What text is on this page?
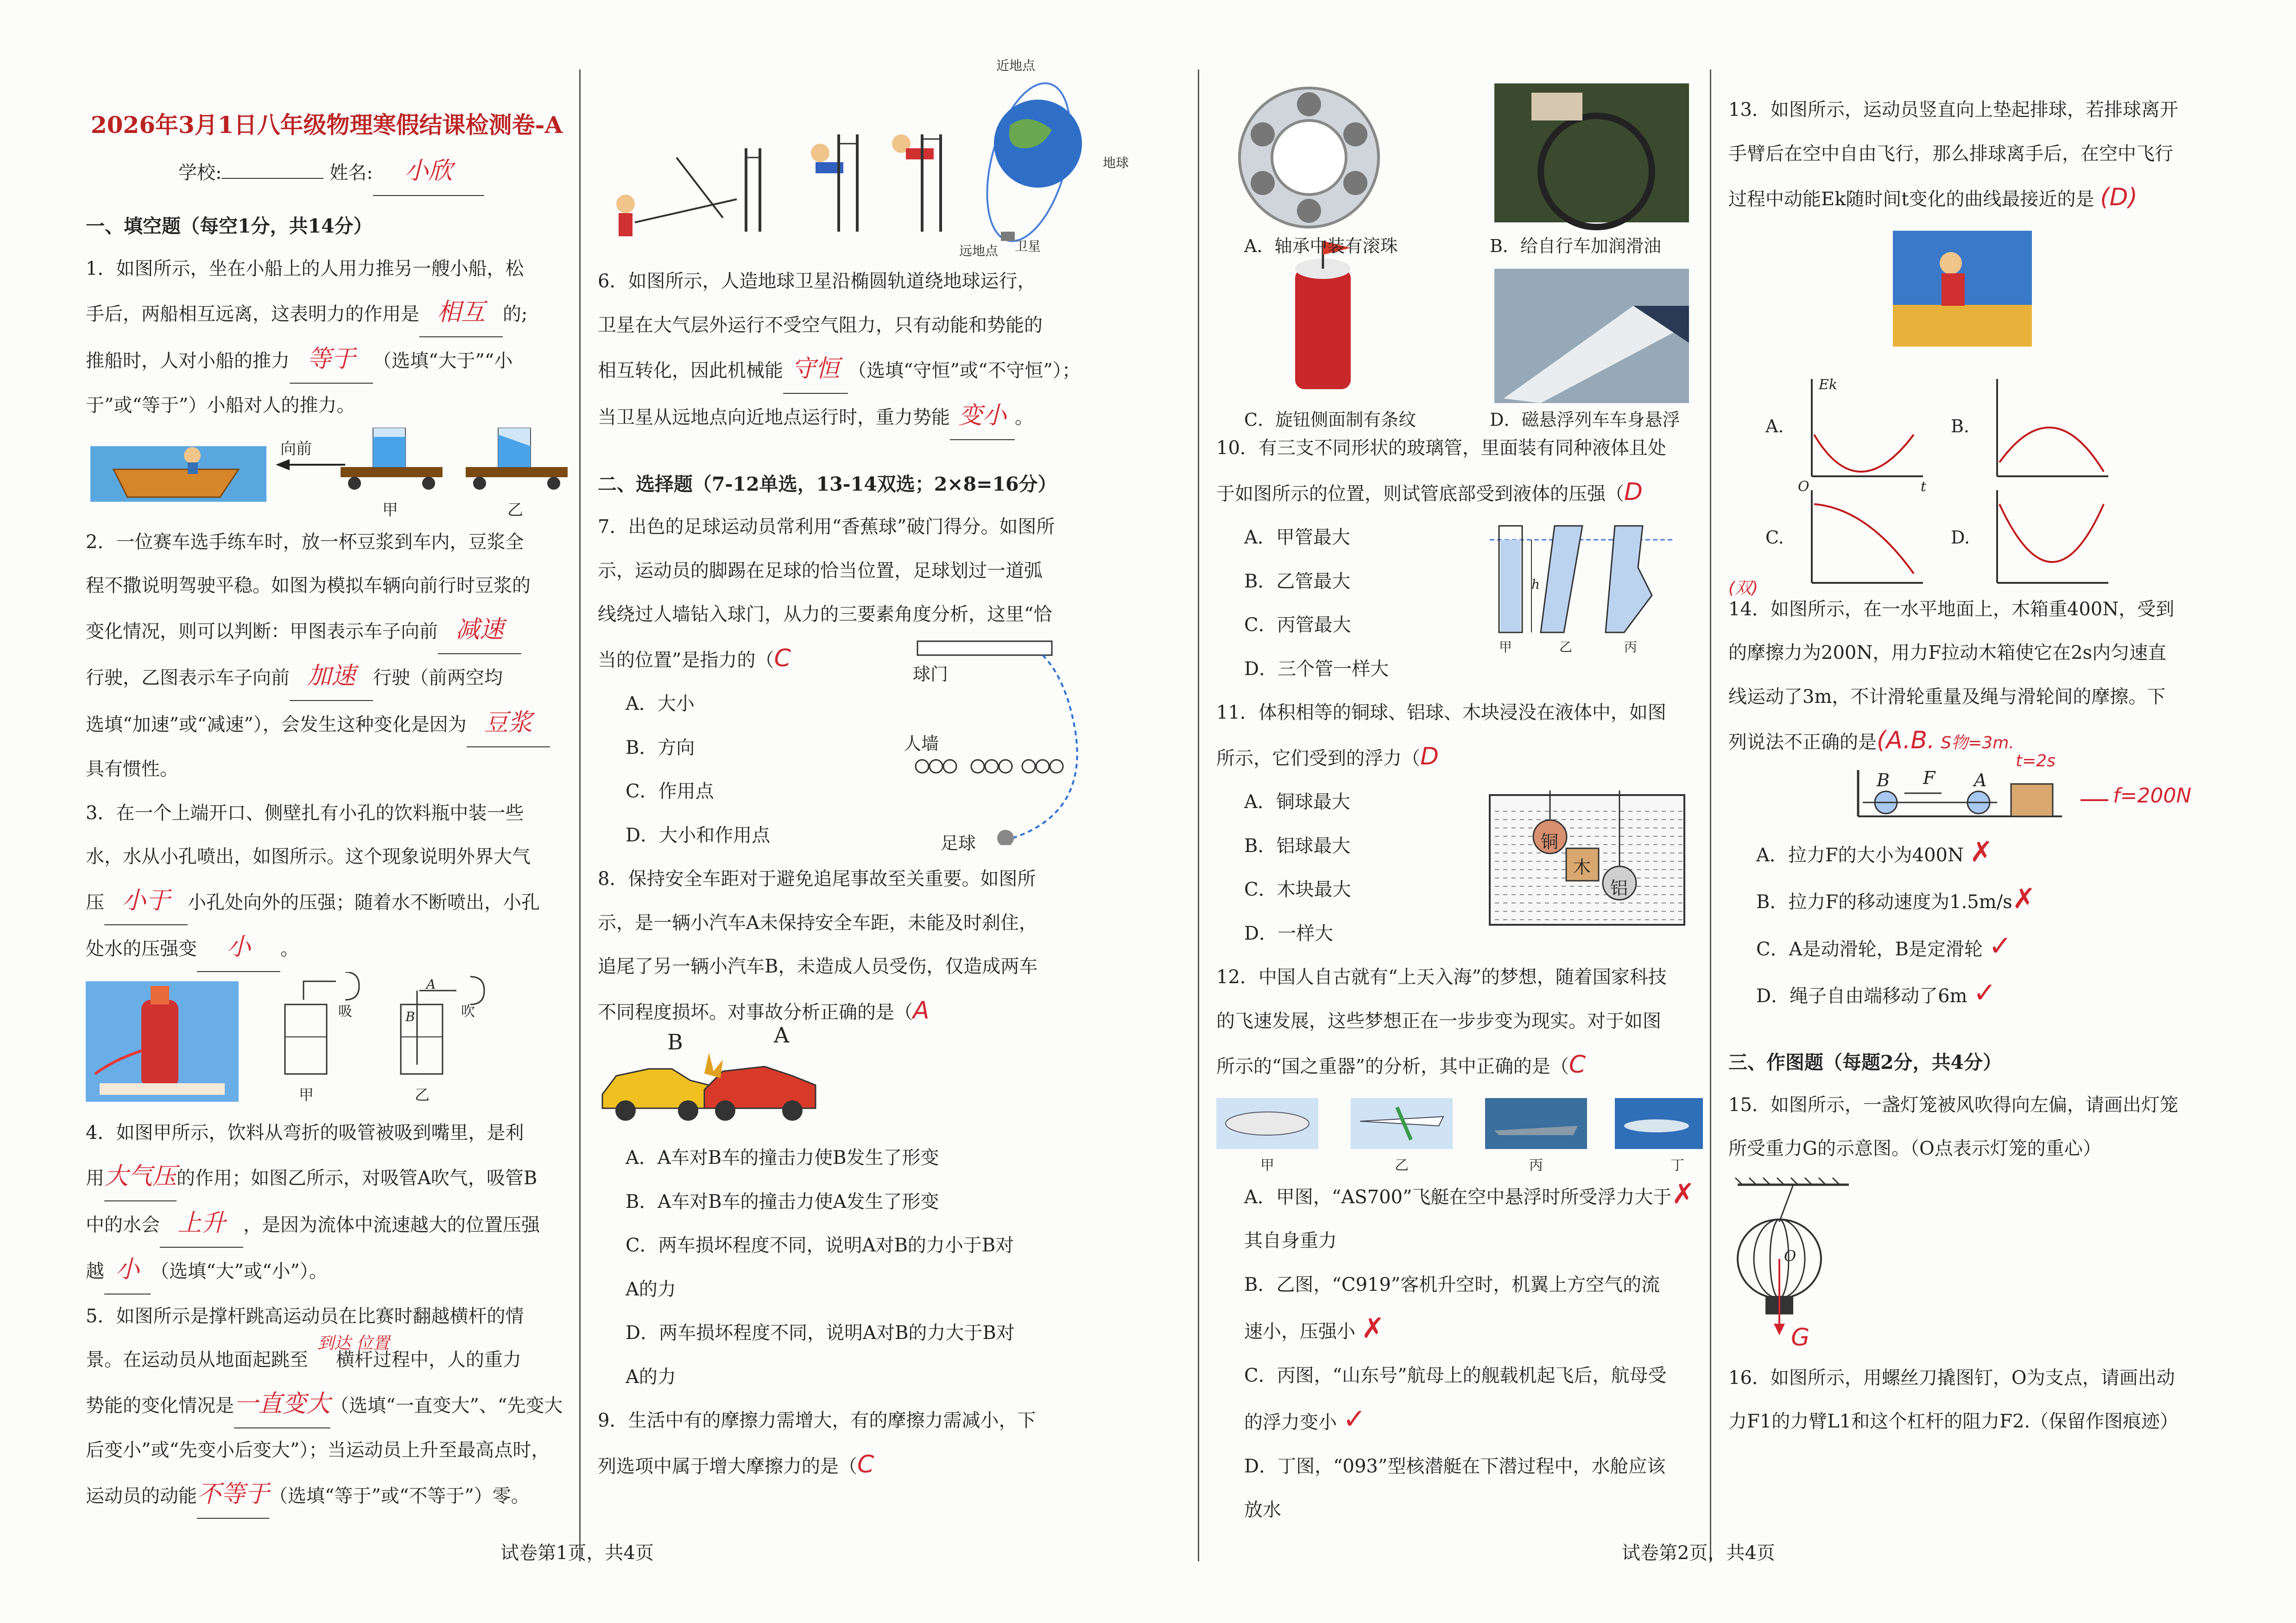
2026年3月1日八年级物理寒假结课检测卷-A

学校:	姓名: 小欣

一、填空题（每空1分，共14分）

1．如图所示，坐在小船上的人用力推另一艘小船，松

手后，两船相互远离，这表明力的作用是 相互 的;

推船时，人对小船的推力 等于 （选填“大于”“小

于”或“等于”）小船对人的推力。

向前
甲	乙

2．一位赛车选手练车时，放一杯豆浆到车内，豆浆全

程不撒说明驾驶平稳。如图为模拟车辆向前行时豆浆的

变化情况，则可以判断：甲图表示车子向前 减速

行驶，乙图表示车子向前 加速 行驶（前两空均

选填“加速”或“减速”），会发生这种变化是因为 豆浆

具有惯性。

3．在一个上端开口、侧壁扎有小孔的饮料瓶中装一些

水，水从小孔喷出，如图所示。这个现象说明外界大气

压 小于 小孔处向外的压强；随着水不断喷出，小孔

处水的压强变 小 。

吸	吹
A
B
甲	乙

4．如图甲所示，饮料从弯折的吸管被吸到嘴里，是利

用大气压的作用；如图乙所示，对吸管A吹气，吸管B

中的水会 上升 ，是因为流体中流速越大的位置压强

越 小 （选填“大”或“小”）。

5．如图所示是撑杆跳高运动员在比赛时翻越横杆的情

景。在运动员从地面起跳至
到达 位置
横杆过程中，人的重力

势能的变化情况是一直变大（选填“一直变大”、“先变大

后变小”或“先变小后变大”）；当运动员上升至最高点时，

运动员的动能不等于（选填“等于”或“不等于”）零。

试卷第1页，共4页
近地点
地球
卫星
远地点

6．如图所示，人造地球卫星沿椭圆轨道绕地球运行，

卫星在大气层外运行不受空气阻力，只有动能和势能的

相互转化，因此机械能 守恒 （选填“守恒”或“不守恒”）；

当卫星从远地点向近地点运行时，重力势能 变小 。

二、选择题（7-12单选，13-14双选；2×8=16分）

7．出色的足球运动员常利用“香蕉球”破门得分。如图所

示，运动员的脚踢在足球的恰当位置，足球划过一道弧

线绕过人墙钻入球门，从力的三要素角度分析，这里“恰

当的位置”是指力的（C

A．大小

B．方向

C．作用点

D．大小和作用点

球门
人墙
足球

8．保持安全车距对于避免追尾事故至关重要。如图所

示，是一辆小汽车A未保持安全车距，未能及时刹住，

追尾了另一辆小汽车B，未造成人员受伤，仅造成两车

不同程度损坏。对事故分析正确的是（A

B	A

A．A车对B车的撞击力使B发生了形变

B．A车对B车的撞击力使A发生了形变

C．两车损坏程度不同，说明A对B的力小于B对

A的力

D．两车损坏程度不同，说明A对B的力大于B对

A的力

9．生活中有的摩擦力需增大，有的摩擦力需减小，下

列选项中属于增大摩擦力的是（C

A．轴承中装有滚珠	B．给自行车加润滑油
C．旋钮侧面制有条纹	D．磁悬浮列车车身悬浮

10．有三支不同形状的玻璃管，里面装有同种液体且处

于如图所示的位置，则试管底部受到液体的压强（D

A．甲管最大

B．乙管最大

C．丙管最大

D．三个管一样大

h
甲	乙	丙

11．体积相等的铜球、铝球、木块浸没在液体中，如图

所示，它们受到的浮力（D

A．铜球最大

B．铝球最大

C．木块最大

D．一样大

铜
木
铝

12．中国人自古就有“上天入海”的梦想，随着国家科技

的飞速发展，这些梦想正在一步步变为现实。对于如图

所示的“国之重器”的分析，其中正确的是（C

甲	乙	丙	丁

A．甲图，“AS700”飞艇在空中悬浮时所受浮力大于✗

其自身重力

B．乙图，“C919”客机升空时，机翼上方空气的流

速小，压强小 ✗

C．丙图，“山东号”航母上的舰载机起飞后，航母受

的浮力变小 ✓

D．丁图，“093”型核潜艇在下潜过程中，水舱应该

放水

试卷第2页，共4页

13．如图所示，运动员竖直向上垫起排球，若排球离开

手臂后在空中自由飞行，那么排球离手后，在空中飞行

过程中动能Ek随时间t变化的曲线最接近的是 (D)

A.	B.
C.	D.
Ek
t
O

(双)
14．如图所示，在一水平地面上，木箱重400N，受到

的摩擦力为200N，用力F拉动木箱使它在2s内匀速直

线运动了3m，不计滑轮重量及绳与滑轮间的摩擦。下

列说法不正确的是(A.B. S物=3m.

B F A
t=2s
f=200N

A．拉力F的大小为400N ✗

B．拉力F的移动速度为1.5m/s✗

C．A是动滑轮，B是定滑轮 ✓

D．绳子自由端移动了6m ✓

三、作图题（每题2分，共4分）

15．如图所示，一盏灯笼被风吹得向左偏，请画出灯笼

所受重力G的示意图。（O点表示灯笼的重心）

O
G

16．如图所示，用螺丝刀撬图钉，O为支点，请画出动

力F1的力臂L1和这个杠杆的阻力F2.（保留作图痕迹）
